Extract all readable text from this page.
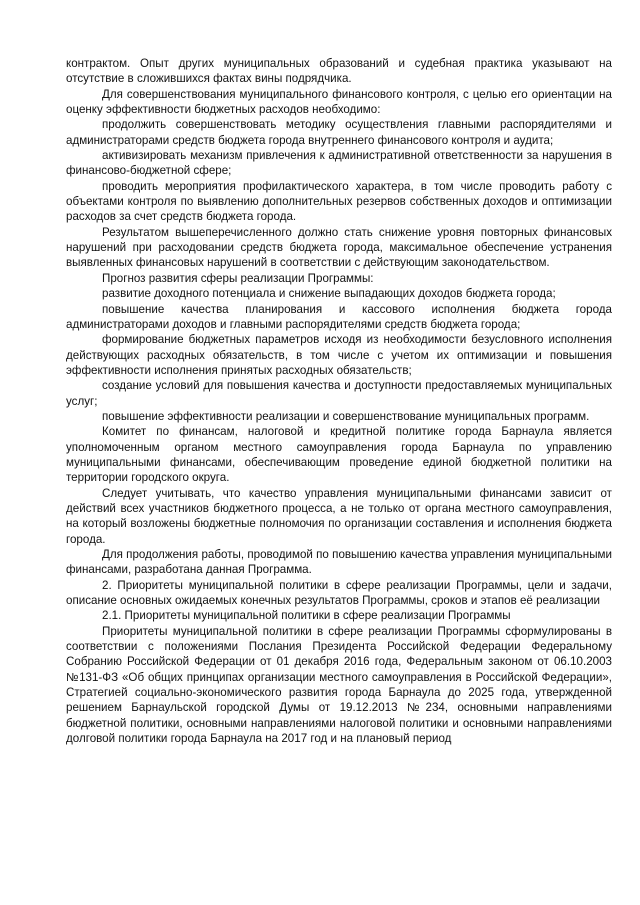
контрактом. Опыт других муниципальных образований и судебная практика указывают на отсутствие в сложившихся фактах вины подрядчика.

Для совершенствования муниципального финансового контроля, с целью его ориентации на оценку эффективности бюджетных расходов необходимо:

продолжить совершенствовать методику осуществления главными распорядителями и администраторами средств бюджета города внутреннего финансового контроля и аудита;

активизировать механизм привлечения к административной ответственности за нарушения в финансово-бюджетной сфере;

проводить мероприятия профилактического характера, в том числе проводить работу с объектами контроля по выявлению дополнительных резервов собственных доходов и оптимизации расходов за счет средств бюджета города.

Результатом вышеперечисленного должно стать снижение уровня повторных финансовых нарушений при расходовании средств бюджета города, максимальное обеспечение устранения выявленных финансовых нарушений в соответствии с действующим законодательством.

Прогноз развития сферы реализации Программы:

развитие доходного потенциала и снижение выпадающих доходов бюджета города;

повышение качества планирования и кассового исполнения бюджета города администраторами доходов и главными распорядителями средств бюджета города;

формирование бюджетных параметров исходя из необходимости безусловного исполнения действующих расходных обязательств, в том числе с учетом их оптимизации и повышения эффективности исполнения принятых расходных обязательств;

создание условий для повышения качества и доступности предоставляемых муниципальных услуг;

повышение эффективности реализации и совершенствование муниципальных программ.

Комитет по финансам, налоговой и кредитной политике города Барнаула является уполномоченным органом местного самоуправления города Барнаула по управлению муниципальными финансами, обеспечивающим проведение единой бюджетной политики на территории городского округа.

Следует учитывать, что качество управления муниципальными финансами зависит от действий всех участников бюджетного процесса, а не только от органа местного самоуправления, на который возложены бюджетные полномочия по организации составления и исполнения бюджета города.

Для продолжения работы, проводимой по повышению качества управления муниципальными финансами, разработана данная Программа.

2. Приоритеты муниципальной политики в сфере реализации Программы, цели и задачи, описание основных ожидаемых конечных результатов Программы, сроков и этапов её реализации

2.1. Приоритеты муниципальной политики в сфере реализации Программы

Приоритеты муниципальной политики в сфере реализации Программы сформулированы в соответствии с положениями Послания Президента Российской Федерации Федеральному Собранию Российской Федерации от 01 декабря 2016 года, Федеральным законом от 06.10.2003 №131-ФЗ «Об общих принципах организации местного самоуправления в Российской Федерации», Стратегией социально-экономического развития города Барнаула до 2025 года, утвержденной решением Барнаульской городской Думы от 19.12.2013 №234, основными направлениями бюджетной политики, основными направлениями налоговой политики и основными направлениями долговой политики города Барнаула на 2017 год и на плановый период
